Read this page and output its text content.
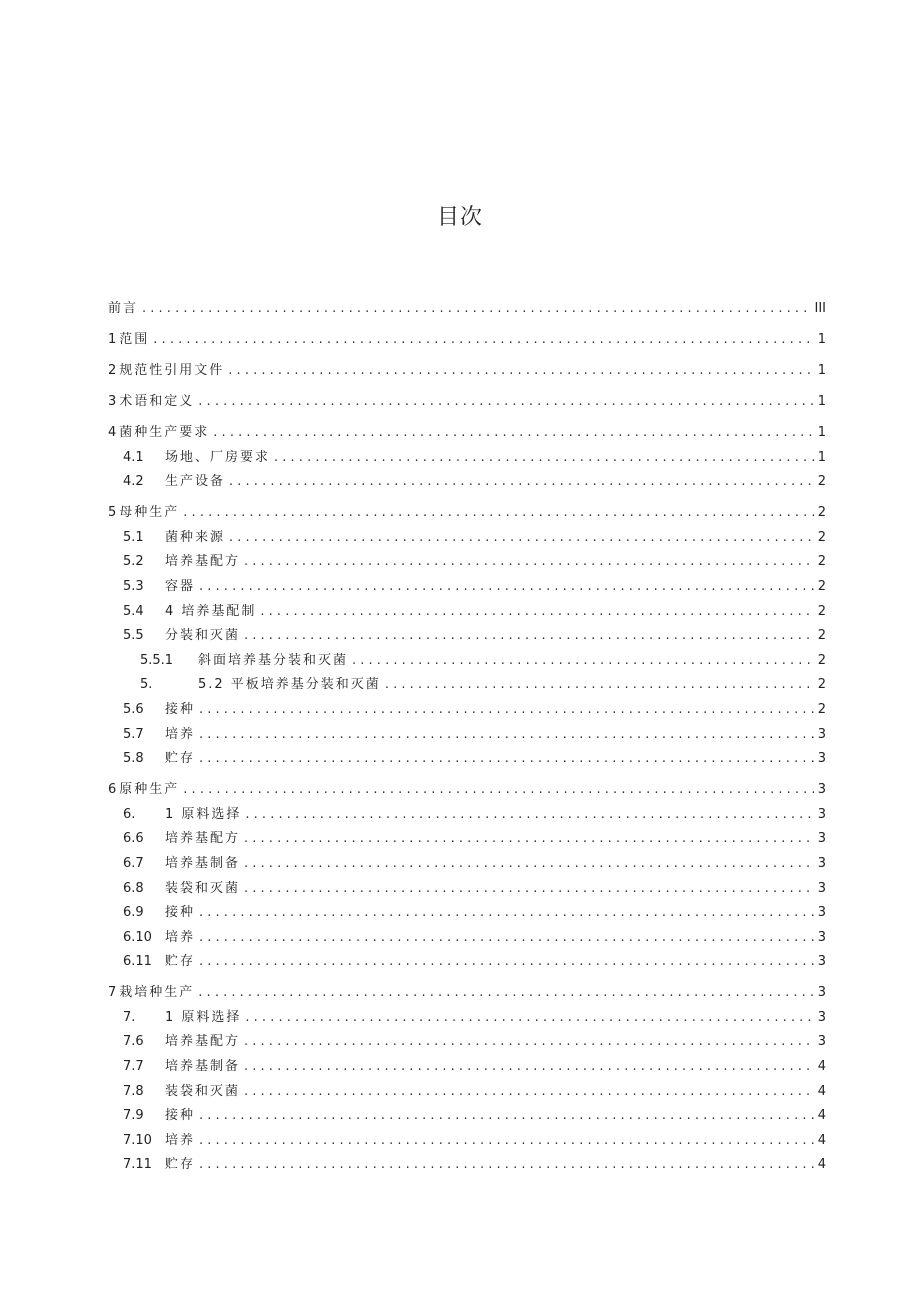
目次
前言 . . .	III
1 范围 . . .	1
2 规范性引用文件 . . .	1
3 术语和定义 . . .	1
4 菌种生产要求 . . .	1
4.1 场地、厂房要求 . . .	1
4.2 生产设备 . . .	2
5 母种生产 . . .	2
5.1 菌种来源 . . .	2
5.2 培养基配方 . . .	2
5.3 容器 . . .	2
5.4 4 培养基配制 . . .	2
5.5 分装和灭菌 . . .	2
5.5.1 斜面培养基分装和灭菌 . . .	2
5.	5.2 平板培养基分装和灭菌 . . .	2
5.6 接种 . . .	2
5.7 培养 . . .	3
5.8 贮存 . . .	3
6 原种生产 . . .	3
6. 1 原料选择 . . .	3
6.6 培养基配方 . . .	3
6.7 培养基制备 . . .	3
6.8 装袋和灭菌 . . .	3
6.9 接种 . . .	3
6.10 培养 . . .	3
6.11 贮存 . . .	3
7 栽培种生产 . . .	3
7. 1 原料选择 . . .	3
7.6 培养基配方 . . .	3
7.7 培养基制备 . . .	4
7.8 装袋和灭菌 . . .	4
7.9 接种 . . .	4
7.10 培养 . . .	4
7.11 贮存 . . .	4
